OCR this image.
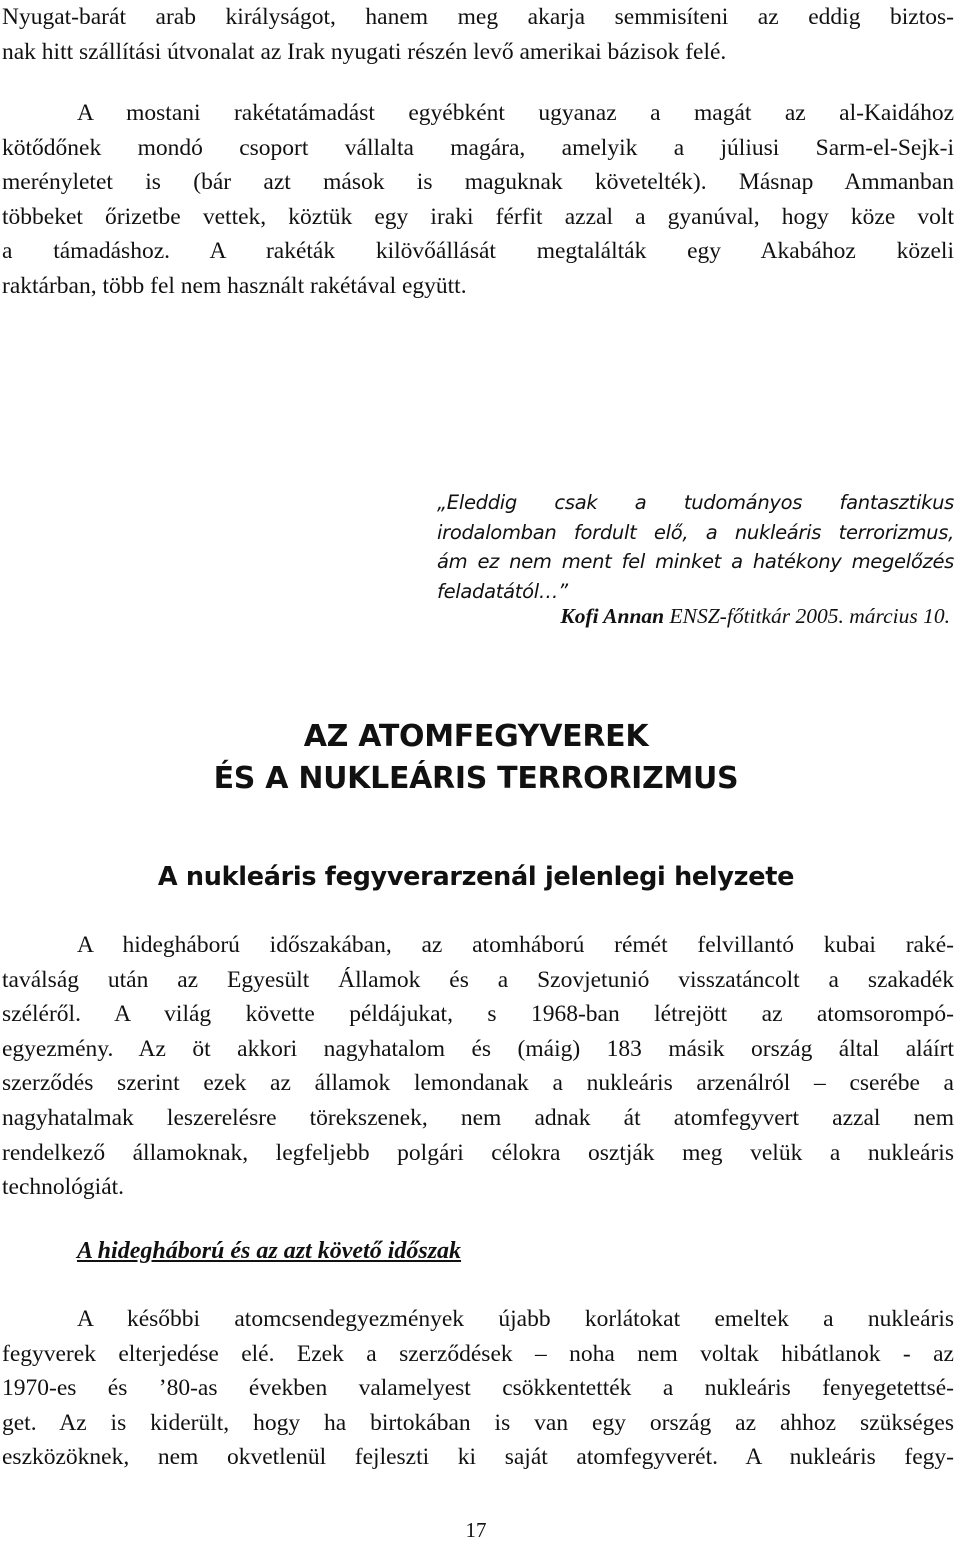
Nyugat-barát arab királyságot, hanem meg akarja semmisíteni az eddig biztos-
nak hitt szállítási útvonalat az Irak nyugati részén levő amerikai bázisok felé.
A mostani rakétatámadást egyébként ugyanaz a magát az al-Kaidához
kötődőnek mondó csoport vállalta magára, amelyik a júliusi Sarm-el-Sejk-i
merényletet is (bár azt mások is maguknak követelték). Másnap Ammanban
többeket őrizetbe vettek, köztük egy iraki férfit azzal a gyanúval, hogy köze volt
a támadáshoz. A rakéták kilövőállását megtalálták egy Akabához közeli
raktárban, több fel nem használt rakétával együtt.
„Eleddig csak a tudományos fantasztikus
irodalomban fordult elő, a nukleáris terrorizmus,
ám ez nem ment fel minket a hatékony megelőzés
feladatától…”
Kofi Annan ENSZ-főtitkár 2005. március 10.
AZ ATOMFEGYVEREK
ÉS A NUKLEÁRIS TERRORIZMUS
A nukleáris fegyverarzenál jelenlegi helyzete
A hidegháború időszakában, az atomháború rémét felvillantó kubai raké-
taválság után az Egyesült Államok és a Szovjetunió visszatáncolt a szakadék
széléről. A világ követte példájukat, s 1968-ban létrejött az atomsorompó-
egyezmény. Az öt akkori nagyhatalom és (máig) 183 másik ország által aláírt
szerződés szerint ezek az államok lemondanak a nukleáris arzenálról – cserébe a
nagyhatalmak leszerelésre törekszenek, nem adnak át atomfegyvert azzal nem
rendelkező államoknak, legfeljebb polgári célokra osztják meg velük a nukleáris
technológiát.
A hidegháború és az azt követő időszak
A későbbi atomcsendegyezmények újabb korlátokat emeltek a nukleáris
fegyverek elterjedése elé. Ezek a szerződések – noha nem voltak hibátlanok - az
1970-es és ’80-as években valamelyest csökkentették a nukleáris fenyegetettsé-
get. Az is kiderült, hogy ha birtokában is van egy ország az ahhoz szükséges
eszközöknek, nem okvetlenül fejleszti ki saját atomfegyverét. A nukleáris fegy-
17
